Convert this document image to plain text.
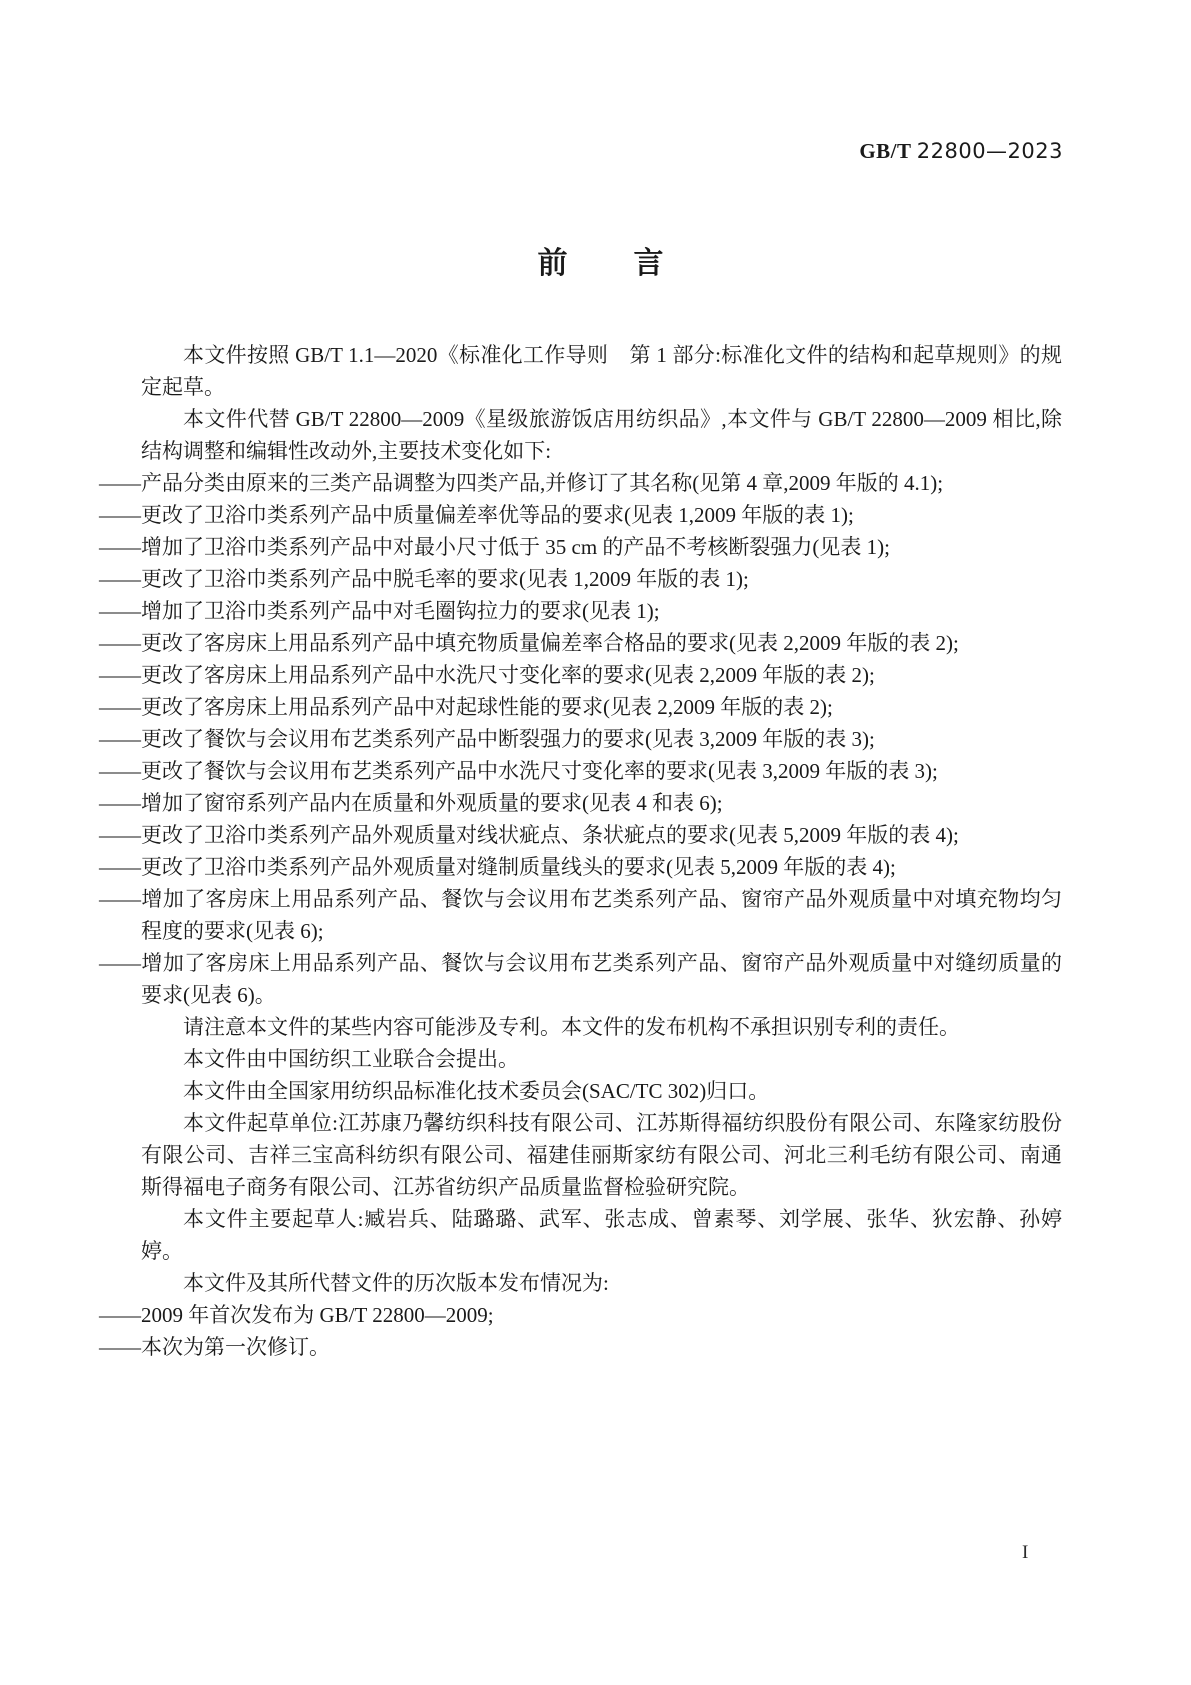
GB/T 22800—2023
前　　言

本文件按照 GB/T 1.1—2020《标准化工作导则　第 1 部分:标准化文件的结构和起草规则》的规定起草。

本文件代替 GB/T 22800—2009《星级旅游饭店用纺织品》,本文件与 GB/T 22800—2009 相比,除结构调整和编辑性改动外,主要技术变化如下:

——产品分类由原来的三类产品调整为四类产品,并修订了其名称(见第 4 章,2009 年版的 4.1);

——更改了卫浴巾类系列产品中质量偏差率优等品的要求(见表 1,2009 年版的表 1);

——增加了卫浴巾类系列产品中对最小尺寸低于 35 cm 的产品不考核断裂强力(见表 1);

——更改了卫浴巾类系列产品中脱毛率的要求(见表 1,2009 年版的表 1);

——增加了卫浴巾类系列产品中对毛圈钩拉力的要求(见表 1);

——更改了客房床上用品系列产品中填充物质量偏差率合格品的要求(见表 2,2009 年版的表 2);

——更改了客房床上用品系列产品中水洗尺寸变化率的要求(见表 2,2009 年版的表 2);

——更改了客房床上用品系列产品中对起球性能的要求(见表 2,2009 年版的表 2);

——更改了餐饮与会议用布艺类系列产品中断裂强力的要求(见表 3,2009 年版的表 3);

——更改了餐饮与会议用布艺类系列产品中水洗尺寸变化率的要求(见表 3,2009 年版的表 3);

——增加了窗帘系列产品内在质量和外观质量的要求(见表 4 和表 6);

——更改了卫浴巾类系列产品外观质量对线状疵点、条状疵点的要求(见表 5,2009 年版的表 4);

——更改了卫浴巾类系列产品外观质量对缝制质量线头的要求(见表 5,2009 年版的表 4);

——增加了客房床上用品系列产品、餐饮与会议用布艺类系列产品、窗帘产品外观质量中对填充物均匀程度的要求(见表 6);

——增加了客房床上用品系列产品、餐饮与会议用布艺类系列产品、窗帘产品外观质量中对缝纫质量的要求(见表 6)。

请注意本文件的某些内容可能涉及专利。本文件的发布机构不承担识别专利的责任。

本文件由中国纺织工业联合会提出。

本文件由全国家用纺织品标准化技术委员会(SAC/TC 302)归口。

本文件起草单位:江苏康乃馨纺织科技有限公司、江苏斯得福纺织股份有限公司、东隆家纺股份有限公司、吉祥三宝高科纺织有限公司、福建佳丽斯家纺有限公司、河北三利毛纺有限公司、南通斯得福电子商务有限公司、江苏省纺织产品质量监督检验研究院。

本文件主要起草人:臧岩兵、陆璐璐、武军、张志成、曾素琴、刘学展、张华、狄宏静、孙婷婷。

本文件及其所代替文件的历次版本发布情况为:

——2009 年首次发布为 GB/T 22800—2009;

——本次为第一次修订。

I
